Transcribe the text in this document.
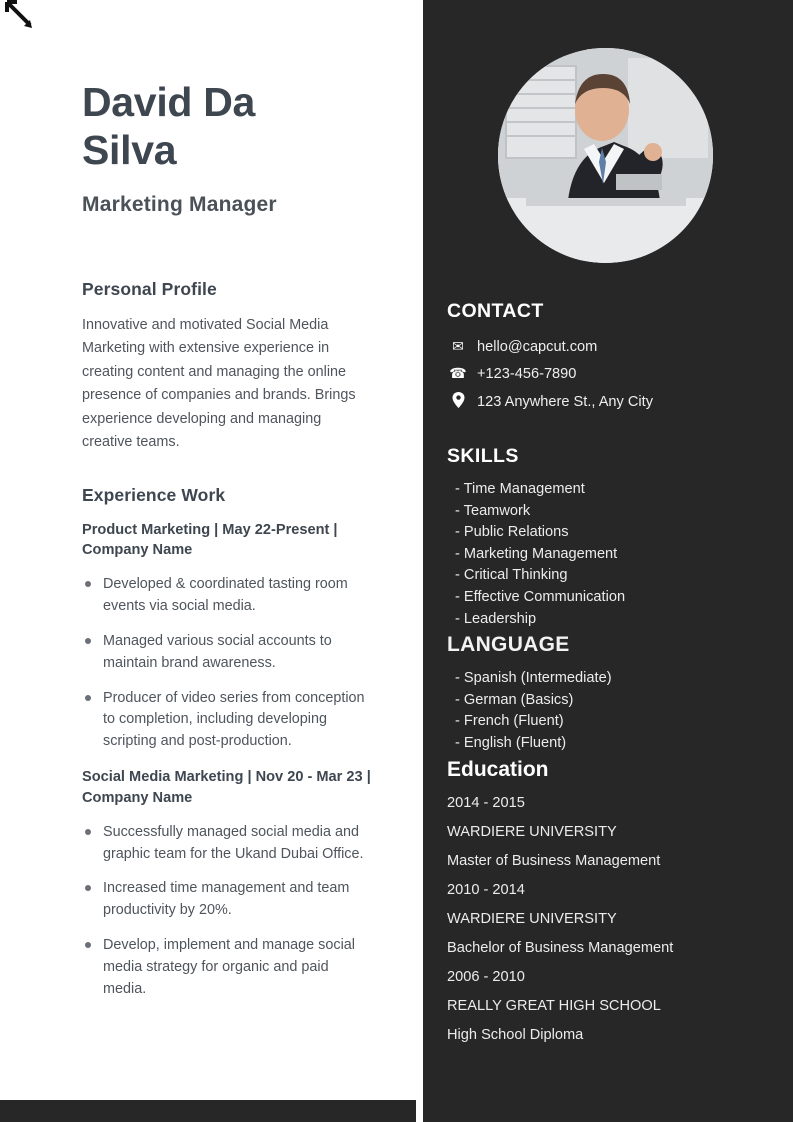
David Da Silva
Marketing Manager
Personal Profile
Innovative and motivated Social Media Marketing with extensive experience in creating content and managing the online presence of companies and brands. Brings experience developing and managing creative teams.
Experience Work
Product Marketing | May 22-Present | Company Name
Developed & coordinated tasting room events via social media.
Managed various social accounts to maintain brand awareness.
Producer of video series from conception to completion, including developing scripting and post-production.
Social Media Marketing | Nov 20 - Mar 23 | Company Name
Successfully managed social media and graphic team for the Ukand Dubai Office.
Increased time management and team productivity by 20%.
Develop, implement and manage social media strategy for organic and paid media.
CONTACT
✉ hello@capcut.com
☎ +123-456-7890
123 Anywhere St., Any City
SKILLS
- Time Management
- Teamwork
- Public Relations
- Marketing Management
- Critical Thinking
- Effective Communication
- Leadership
LANGUAGE
- Spanish (Intermediate)
- German (Basics)
- French (Fluent)
- English (Fluent)
Education
2014 - 2015
WARDIERE UNIVERSITY
Master of Business Management
2010 - 2014
WARDIERE UNIVERSITY
Bachelor of Business Management
2006 - 2010
REALLY GREAT HIGH SCHOOL
High School Diploma
